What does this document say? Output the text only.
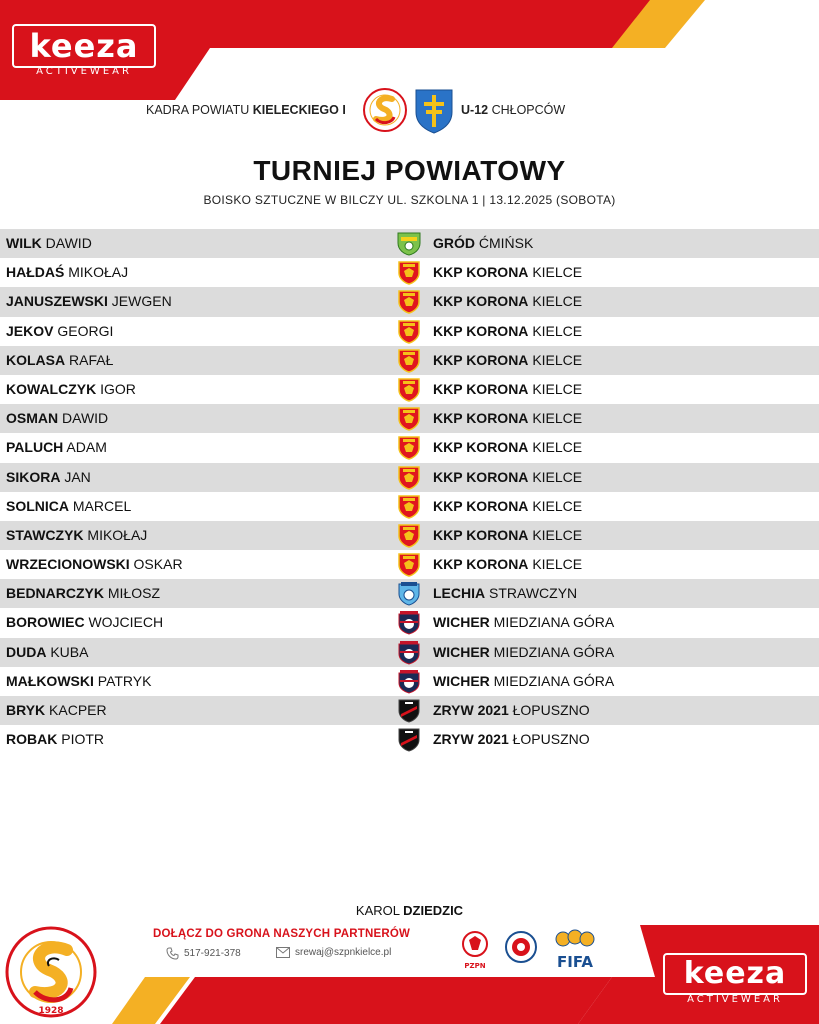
keeza
ACTIVEWEAR
KADRA POWIATU KIELECKIEGO I	U-12 CHŁOPCÓW
TURNIEJ POWIATOWY
BOISKO SZTUCZNE W BILCZY UL. SZKOLNA 1 | 13.12.2025 (SOBOTA)
WILK DAWID	GRÓD ĆMIŃSK
HAŁDAŚ MIKOŁAJ	KKP KORONA KIELCE
JANUSZEWSKI JEWGEN	KKP KORONA KIELCE
JEKOV GEORGI	KKP KORONA KIELCE
KOLASA RAFAŁ	KKP KORONA KIELCE
KOWALCZYK IGOR	KKP KORONA KIELCE
OSMAN DAWID	KKP KORONA KIELCE
PALUCH ADAM	KKP KORONA KIELCE
SIKORA JAN	KKP KORONA KIELCE
SOLNICA MARCEL	KKP KORONA KIELCE
STAWCZYK MIKOŁAJ	KKP KORONA KIELCE
WRZECIONOWSKI OSKAR	KKP KORONA KIELCE
BEDNARCZYK MIŁOSZ	LECHIA STRAWCZYN
BOROWIEC WOJCIECH	WICHER MIEDZIANA GÓRA
DUDA KUBA	WICHER MIEDZIANA GÓRA
MAŁKOWSKI PATRYK	WICHER MIEDZIANA GÓRA
BRYK KACPER	ZRYW 2021 ŁOPUSZNO
ROBAK PIOTR	ZRYW 2021 ŁOPUSZNO
KAROL DZIEDZIC
keeza
ACTIVEWEAR
1928
DOŁĄCZ DO GRONA NASZYCH PARTNERÓW
517-921-378	srewaj@szpnkielce.pl
PZPN	FIFA
